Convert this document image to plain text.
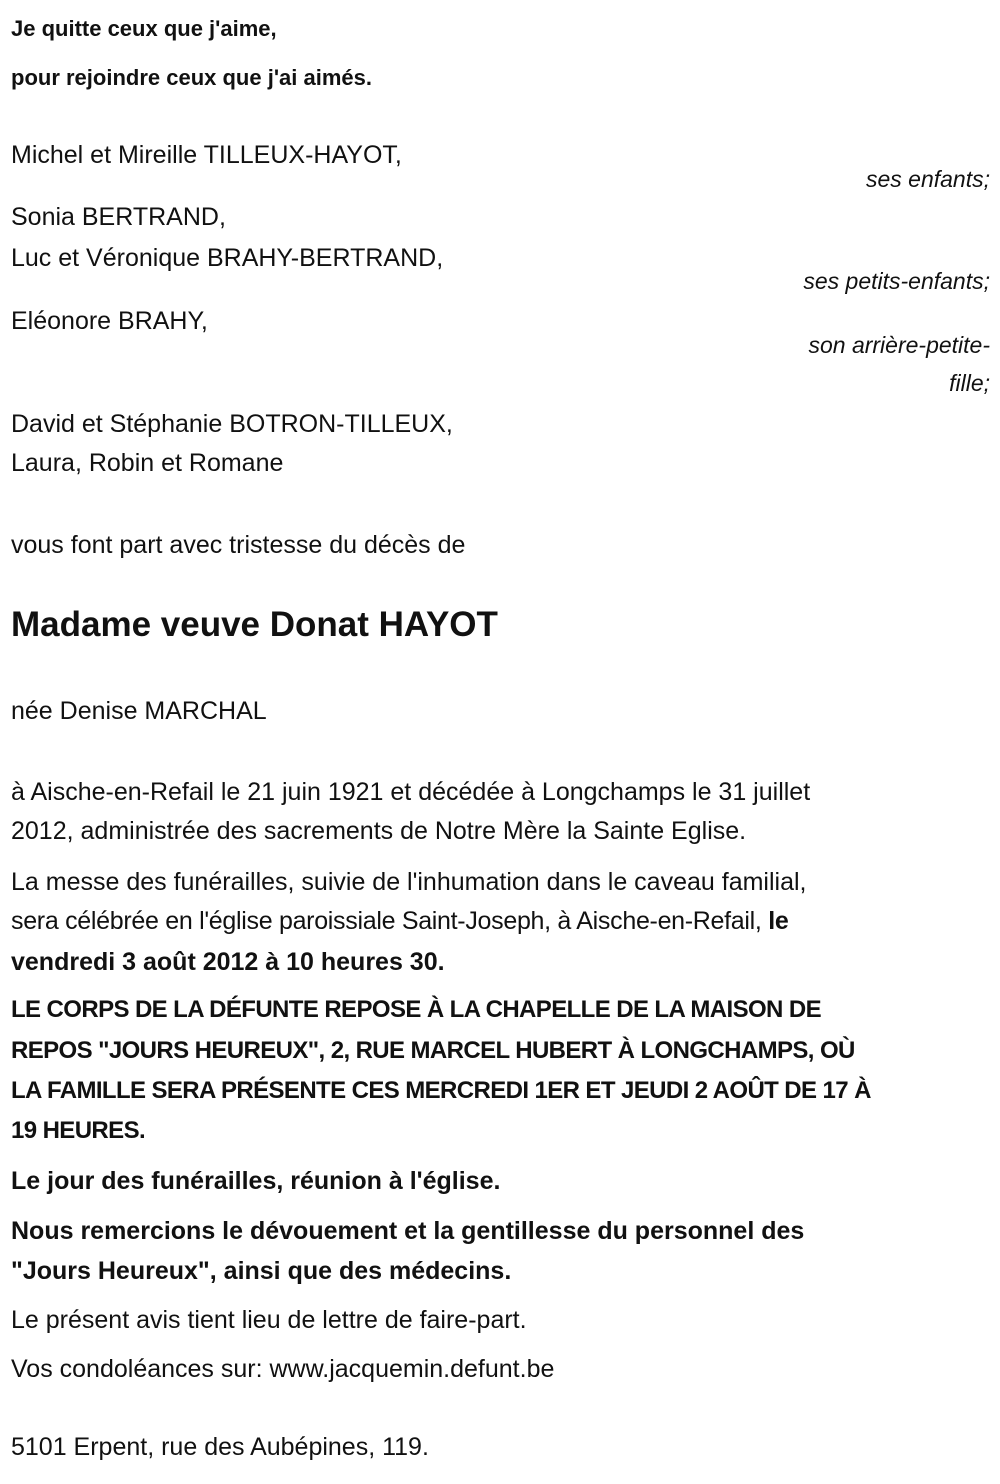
Je quitte ceux que j'aime,
pour rejoindre ceux que j'ai aimés.
Michel et Mireille TILLEUX-HAYOT,
ses enfants;
Sonia BERTRAND,
Luc et Véronique BRAHY-BERTRAND,
ses petits-enfants;
Eléonore BRAHY,
son arrière-petite-
fille;
David et Stéphanie BOTRON-TILLEUX,
Laura, Robin et Romane
vous font part avec tristesse du décès de
Madame veuve Donat HAYOT
née Denise MARCHAL
à Aische-en-Refail le 21 juin 1921 et décédée à Longchamps le 31 juillet
2012, administrée des sacrements de Notre Mère la Sainte Eglise.
La messe des funérailles, suivie de l'inhumation dans le caveau familial,
sera célébrée en l'église paroissiale Saint-Joseph, à Aische-en-Refail, le
vendredi 3 août 2012 à 10 heures 30.
LE CORPS DE LA DÉFUNTE REPOSE À LA CHAPELLE DE LA MAISON DE
REPOS "JOURS HEUREUX", 2, RUE MARCEL HUBERT À LONGCHAMPS, OÙ
LA FAMILLE SERA PRÉSENTE CES MERCREDI 1ER ET JEUDI 2 AOÛT DE 17 À
19 HEURES.
Le jour des funérailles, réunion à l'église.
Nous remercions le dévouement et la gentillesse du personnel des
"Jours Heureux", ainsi que des médecins.
Le présent avis tient lieu de lettre de faire-part.
Vos condoléances sur: www.jacquemin.defunt.be
5101 Erpent, rue des Aubépines, 119.
